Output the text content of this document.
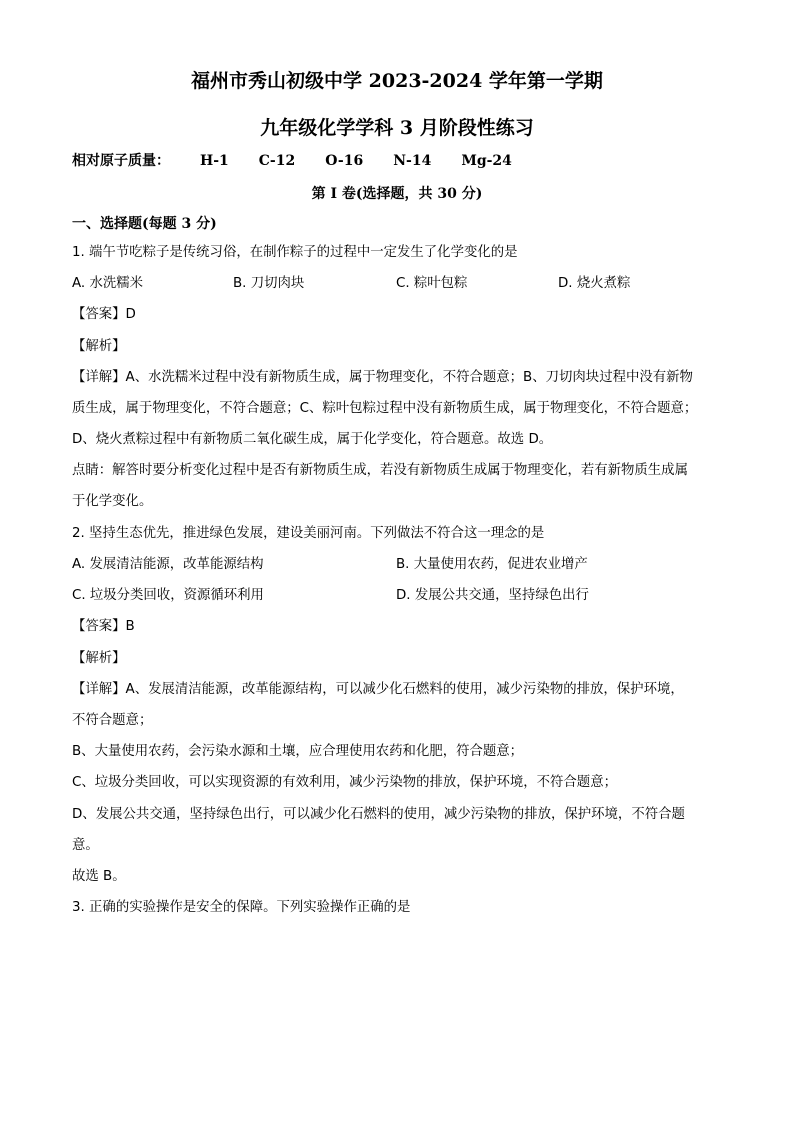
福州市秀山初级中学 2023-2024 学年第一学期
九年级化学学科 3 月阶段性练习
相对原子质量： H-1 C-12 O-16 N-14 Mg-24
第 I 卷(选择题，共 30 分)
一、选择题(每题 3 分)
1. 端午节吃粽子是传统习俗，在制作粽子的过程中一定发生了化学变化的是
A. 水洗糯米	B. 刀切肉块	C. 粽叶包粽	D. 烧火煮粽
【答案】D
【解析】
【详解】A、水洗糯米过程中没有新物质生成，属于物理变化，不符合题意；B、刀切肉块过程中没有新物
质生成，属于物理变化，不符合题意；C、粽叶包粽过程中没有新物质生成，属于物理变化，不符合题意；
D、烧火煮粽过程中有新物质二氧化碳生成，属于化学变化，符合题意。故选 D。
点睛：解答时要分析变化过程中是否有新物质生成，若没有新物质生成属于物理变化，若有新物质生成属
于化学变化。
2. 坚持生态优先，推进绿色发展，建设美丽河南。下列做法不符合这一理念的是
A. 发展清洁能源，改革能源结构	B. 大量使用农药，促进农业增产
C. 垃圾分类回收，资源循环利用	D. 发展公共交通，坚持绿色出行
【答案】B
【解析】
【详解】A、发展清洁能源，改革能源结构，可以减少化石燃料的使用，减少污染物的排放，保护环境，
不符合题意；
B、大量使用农药，会污染水源和土壤，应合理使用农药和化肥，符合题意；
C、垃圾分类回收，可以实现资源的有效利用，减少污染物的排放，保护环境，不符合题意；
D、发展公共交通，坚持绿色出行，可以减少化石燃料的使用，减少污染物的排放，保护环境，不符合题
意。
故选 B。
3. 正确的实验操作是安全的保障。下列实验操作正确的是
